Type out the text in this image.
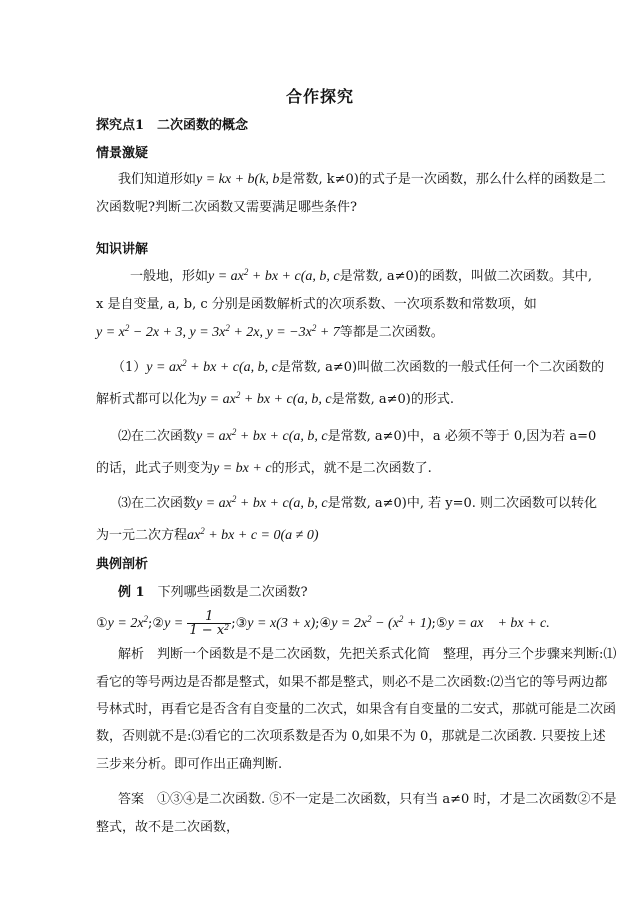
合作探究
探究点1　二次函数的概念
情景激疑
我们知道形如y = kx + b(k, b是常数, k≠0)的式子是一次函数，那么什么样的函数是二
次函数呢?判断二次函数又需要满足哪些条件?
知识讲解
一般地，形如$y = ax^2$ + bx + c(a, b, c是常数, a≠0)的函数，叫做二次函数。其中,
x 是自变量, a, b, c 分别是函数解析式的次项系数、一次项系数和常数项，如
$y = x^2 - 2x + 3$, $y = 3x^2 + 2x$, $y = -3x^2 + 7$等都是二次函数。
$(1)y = ax^2$ + bx + c(a, b, c是常数, a≠0)叫做二次函数的一般式任何一个二次函数的
解析式都可以化为$y = ax^2$ + bx + c(a, b, c是常数, a≠0)的形式.
⑵在二次函数$y = ax^2$ + bx + c(a, b, c是常数, a≠0)中，a 必须不等于 0,因为若 a=0
的话，此式子则变为y = bx + c的形式，就不是二次函数了.
⑶在二次函数$y = ax^2$ + bx + c(a, b, c是常数, a≠0)中, 若 y=0. 则二次函数可以转化
为一元二次方程$ax^2$ + bx + c = 0(a ≠ 0)
典例剖析
例 1　 下列哪些函数是二次函数?
①y = $2x^2;②y = \frac{1}{1 - x^2}$ ;③y = x(3 + x);④y = $2x^2 - (x^2$ + 1);⑤y = ax　+ bx + c.
解析　判断一个函数是不是二次函数，先把关系式化简　整理，再分三个步骤来判断:⑴
看它的等号两边是否都是整式，如果不都是整式，则必不是二次函数:⑵当它的等号两边都
号林式时，再看它是否含有自变量的二次式，如果含有自变量的二安式，那就可能是二次函
数，否则就不是:⑶看它的二次项系数是否为 0,如果不为 0，那就是二次函教. 只要按上述
三步来分析。即可作出正确判断.
答案　①③④是二次函数. ⑤不一定是二次函数，只有当 a≠0 时，才是二次函数②不是
整式，故不是二次函数，
